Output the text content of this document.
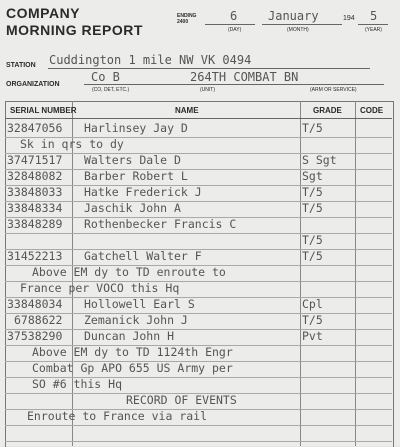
COMPANY
MORNING REPORT
ENDING 2400	6	January	194 5
(DAY)	(MONTH)	(YEAR)
STATION Cuddington 1 mile NW VK 0494
ORGANIZATION
Co B	264TH COMBAT BN
(CO, DET, ETC.)	(UNIT)	(ARM OR SERVICE)
SERIAL NUMBER	NAME	GRADE CODE
32847056 Harlinsey Jay D	T/5
Sk in qrs to dy
37471517 Walters Dale D	S Sgt
32848082 Barber Robert L	Sgt
33848033 Hatke Frederick J	T/5
33848334 Jaschik John A	T/5
33848289 Rothenbecker Francis C
T/5
31452213 Gatchell Walter F	T/5
Above EM dy to TD enroute to
France per VOCO this Hq
33848034 Hollowell Earl S	Cpl
6788622 Zemanick John J	T/5
37538290 Duncan John H	Pvt
Above EM dy to TD 1124th Engr
Combat Gp APO 655 US Army per
SO #6 this Hq
RECORD OF EVENTS
Enroute to France via rail
